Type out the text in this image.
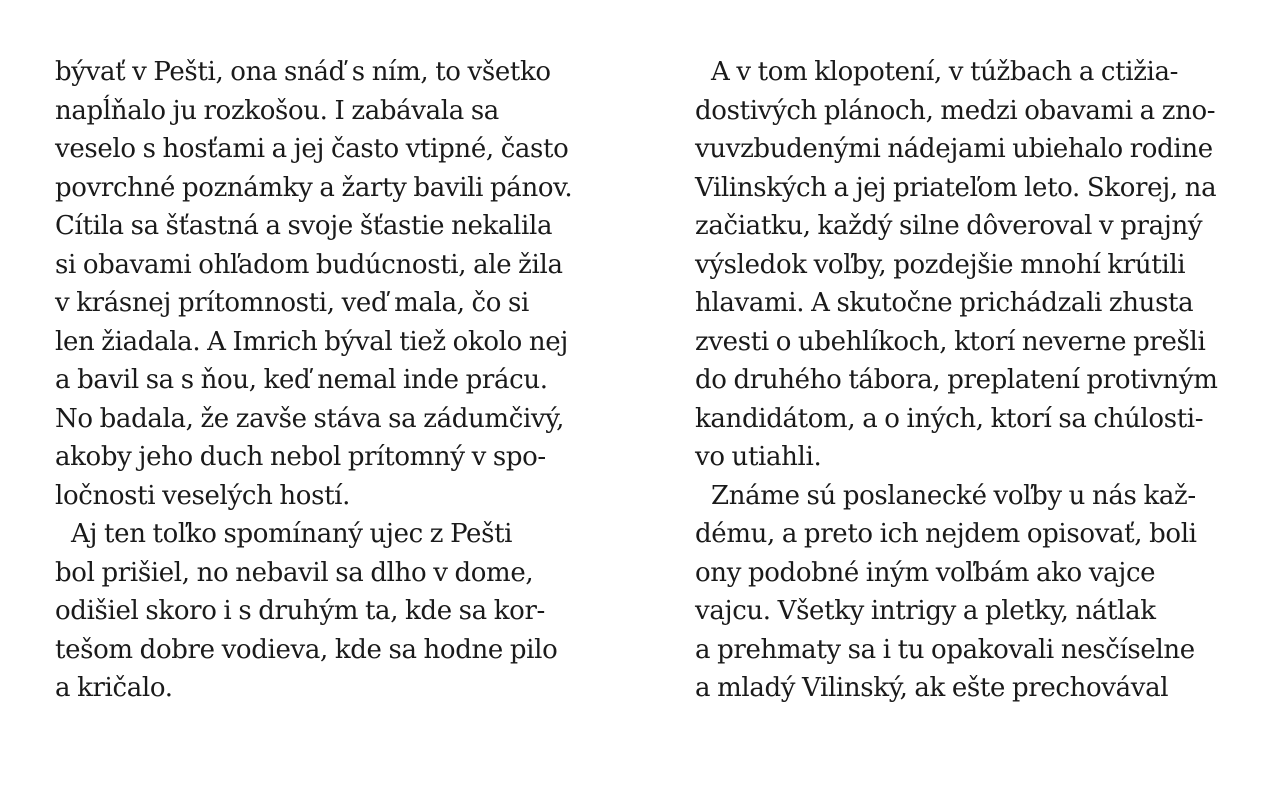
bývať v Pešti, ona snáď s ním, to všetko
napĺňalo ju rozkošou. I zabávala sa
veselo s hosťami a jej často vtipné, často
povrchné poznámky a žarty bavili pánov.
Cítila sa šťastná a svoje šťastie nekalila
si obavami ohľadom budúcnosti, ale žila
v krásnej prítomnosti, veď mala, čo si
len žiadala. A Imrich býval tiež okolo nej
a bavil sa s ňou, keď nemal inde prácu.
No badala, že zavše stáva sa zádumčivý,
akoby jeho duch nebol prítomný v spo-
ločnosti veselých hostí.
Aj ten toľko spomínaný ujec z Pešti
bol prišiel, no nebavil sa dlho v dome,
odišiel skoro i s druhým ta, kde sa kor-
tešom dobre vodieva, kde sa hodne pilo
a kričalo.
A v tom klopotení, v túžbach a ctižia-
dostivých plánoch, medzi obavami a zno-
vuvzbudenými nádejami ubiehalo rodine
Vilinských a jej priateľom leto. Skorej, na
začiatku, každý silne dôveroval v prajný
výsledok voľby, pozdejšie mnohí krútili
hlavami. A skutočne prichádzali zhusta
zvesti o ubehlíkoch, ktorí neverne prešli
do druhého tábora, preplatení protivným
kandidátom, a o iných, ktorí sa chúlosti-
vo utiahli.
Známe sú poslanecké voľby u nás kaž-
dému, a preto ich nejdem opisovať, boli
ony podobné iným voľbám ako vajce
vajcu. Všetky intrigy a pletky, nátlak
a prehmaty sa i tu opakovali nesčíselne
a mladý Vilinský, ak ešte prechovával
